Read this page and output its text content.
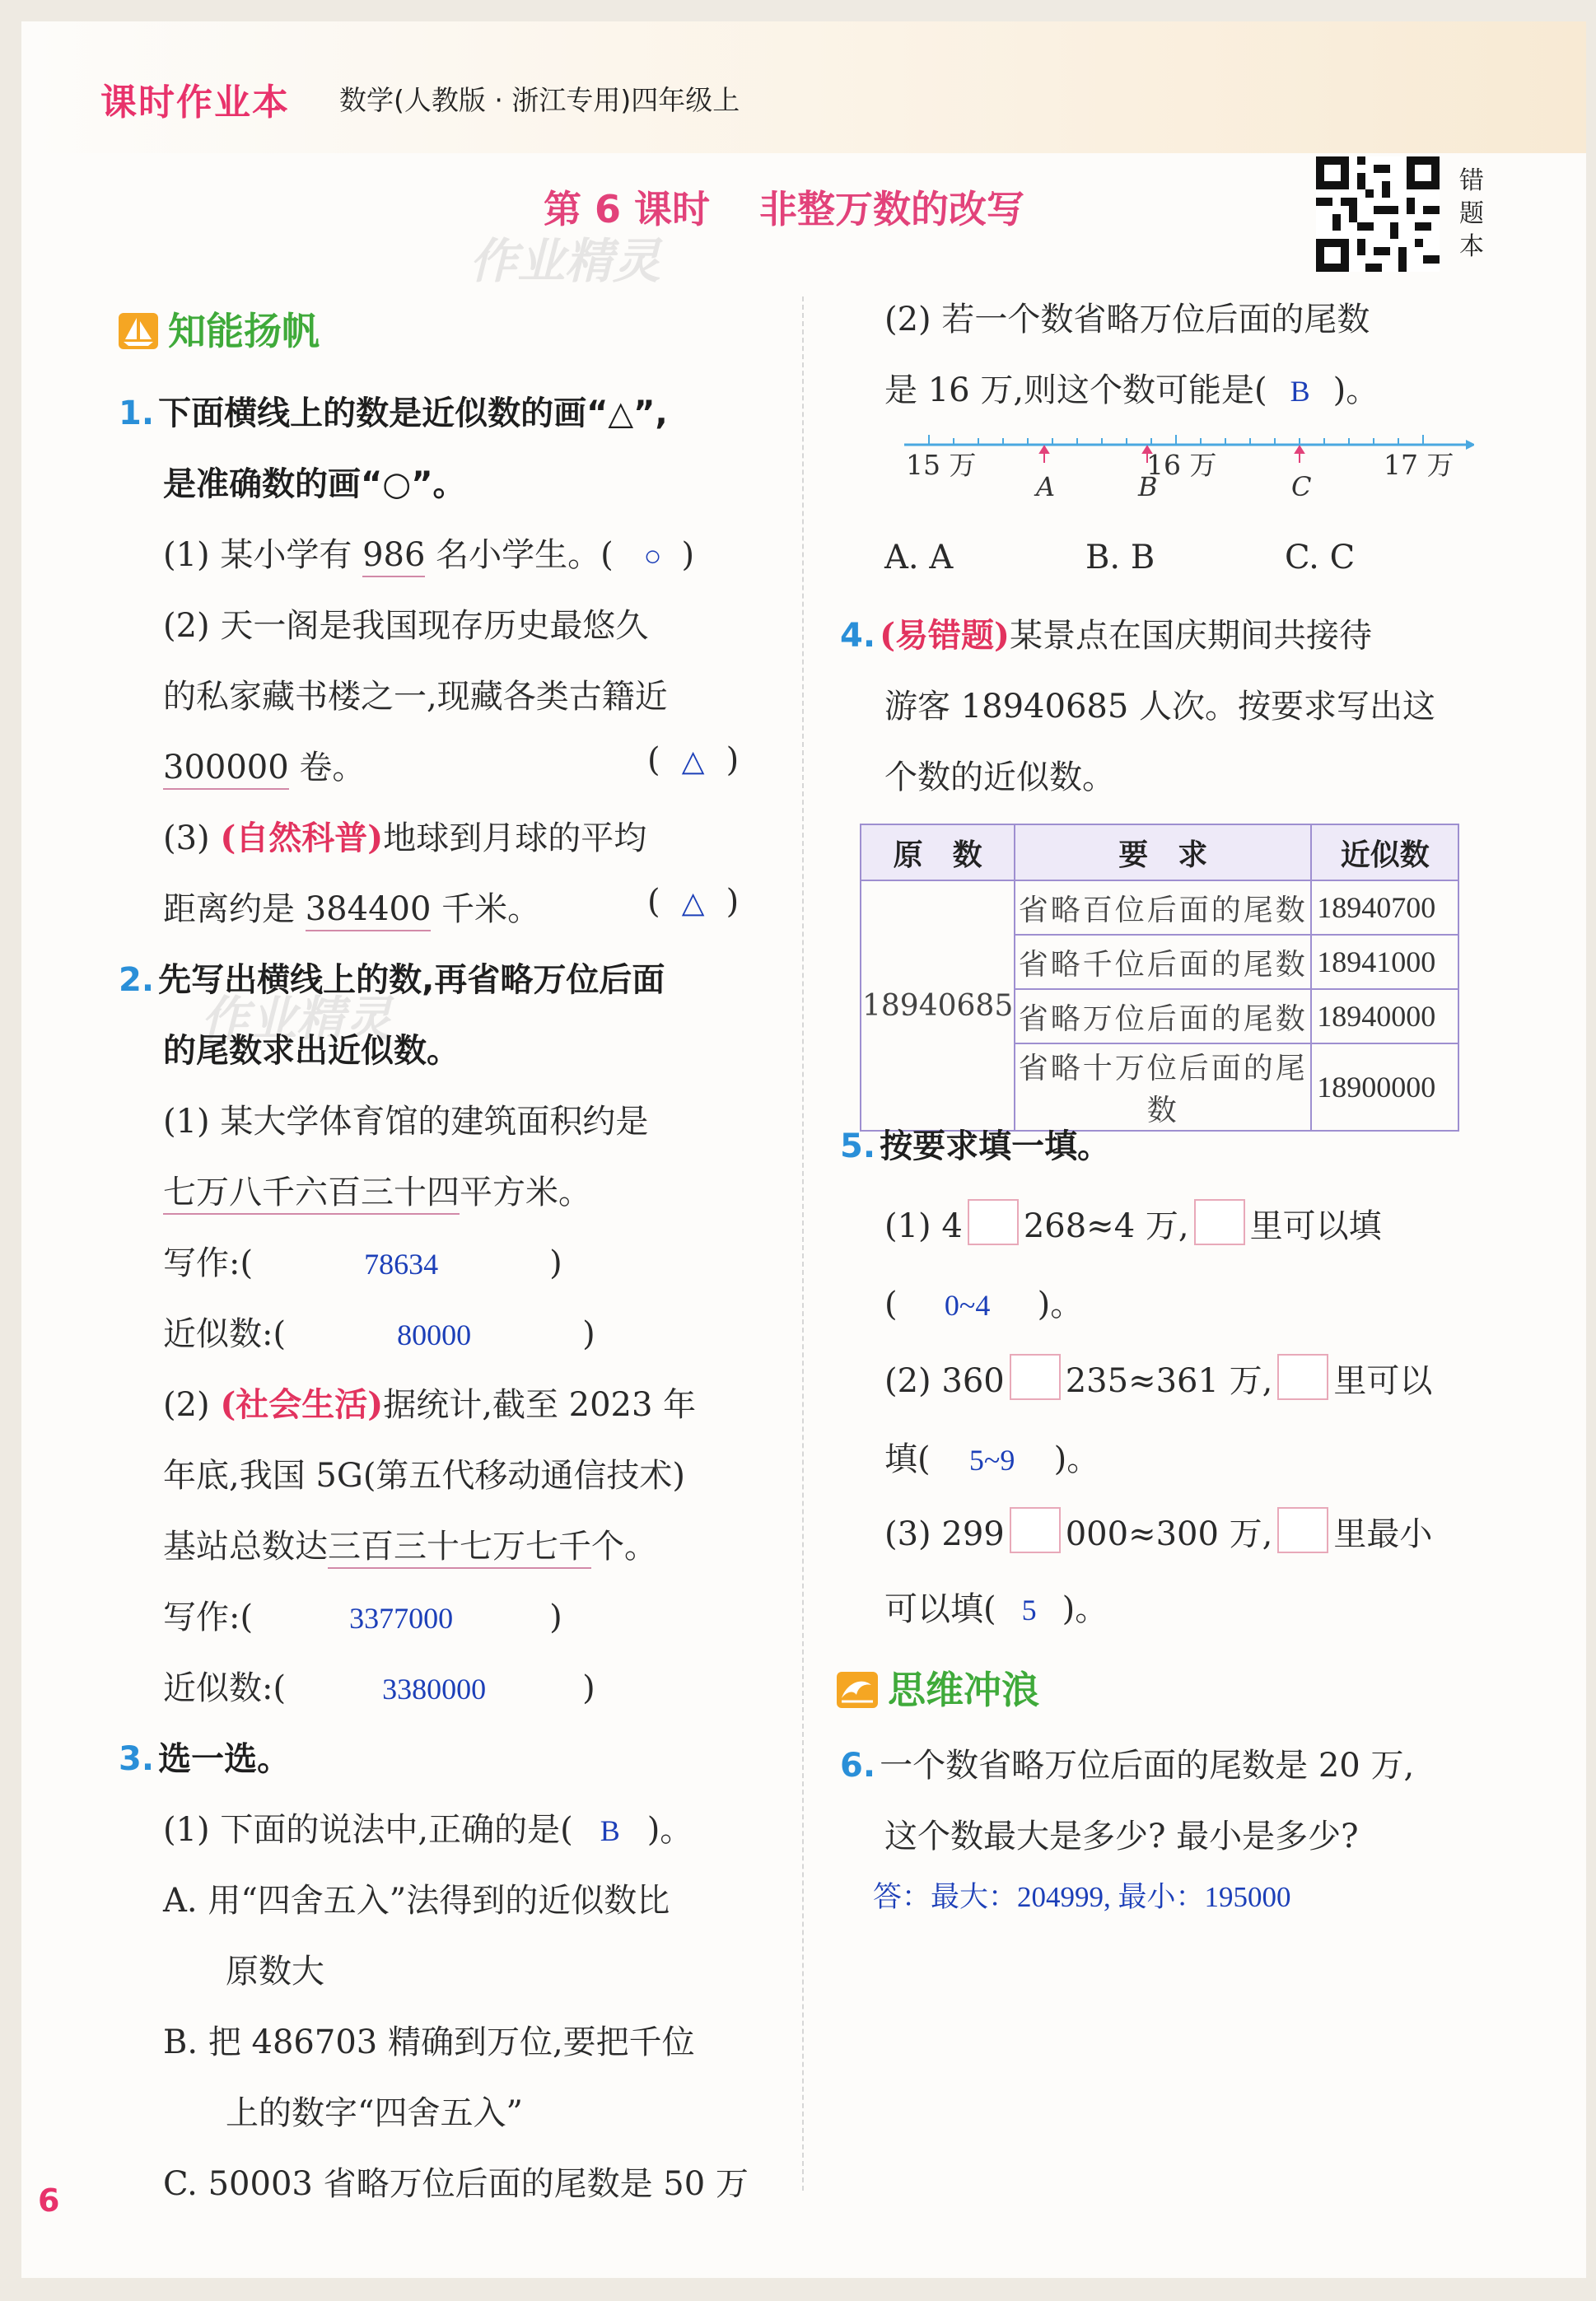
课时作业本 数学(人教版 · 浙江专用)四年级上
第 6 课时 非整万数的改写
作业精灵
作业精灵
错题本
知能扬帆
1. 下面横线上的数是近似数的画“△”,
是准确数的画“○”。
(1) 某小学有 986 名小学生。( ○ )
(2) 天一阁是我国现存历史最悠久
的私家藏书楼之一,现藏各类古籍近
300000 卷。	( △ )
(3) (自然科普)地球到月球的平均
距离约是 384400 千米。	( △ )
2. 先写出横线上的数,再省略万位后面
的尾数求出近似数。
(1) 某大学体育馆的建筑面积约是
七万八千六百三十四平方米。
写作:(	78634	)
近似数:(	80000	)
(2) (社会生活)据统计,截至 2023 年
年底,我国 5G(第五代移动通信技术)
基站总数达三百三十七万七千个。
写作:(	3377000	)
近似数:(	3380000	)
3. 选一选。
(1) 下面的说法中,正确的是( B )。
A. 用“四舍五入”法得到的近似数比
原数大
B. 把 486703 精确到万位,要把千位
上的数字“四舍五入”
C. 50003 省略万位后面的尾数是 50 万
6
(2) 若一个数省略万位后面的尾数
是 16 万,则这个数可能是( B )。
15 万	16 万	17 万
A	B	C
A. A	B. B	C. C
4. (易错题)某景点在国庆期间共接待
游客 18940685 人次。按要求写出这
个数的近似数。
原　数	要　求	近似数
18940685	省略百位后面的尾数	18940700
	省略千位后面的尾数	18941000
	省略万位后面的尾数	18940000
	省略十万位后面的尾数	18900000
5. 按要求填一填。
(1) 4 268≈4 万, 里可以填
( 0~4 )。
(2) 360 235≈361 万, 里可以
填( 5~9 )。
(3) 299 000≈300 万, 里最小
可以填( 5 )。
思维冲浪
6. 一个数省略万位后面的尾数是 20 万,
这个数最大是多少? 最小是多少?
答：最大：204999, 最小：195000
